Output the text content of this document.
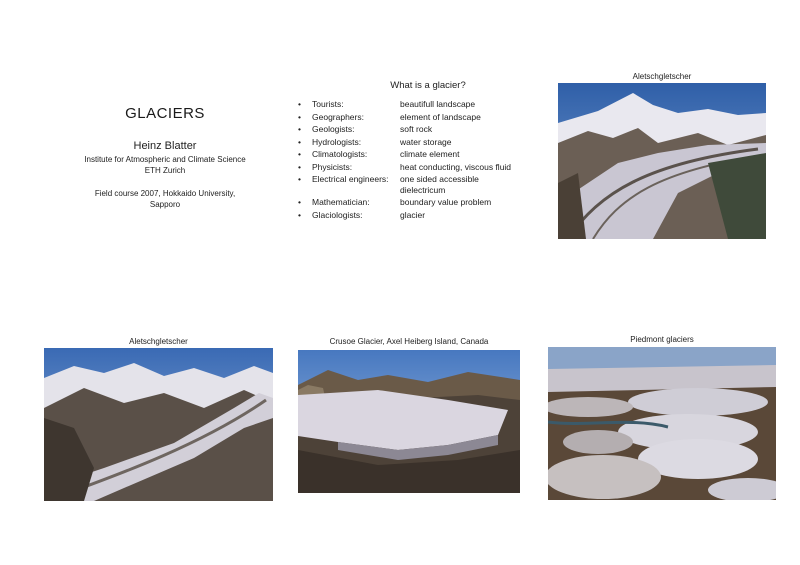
GLACIERS
Heinz Blatter
Institute for Atmospheric and Climate Science
ETH Zurich
Field course 2007, Hokkaido University,
Sapporo
What is a glacier?
•	Tourists:	beautifull landscape
•	Geographers:	element of landscape
•	Geologists:	soft rock
•	Hydrologists:	water storage
•	Climatologists:	climate element
•	Physicists:	heat conducting, viscous fluid
•	Electrical engineers:	one sided accessible dielectricum
•	Mathematician:	boundary value problem
•	Glaciologists:	glacier
Aletschgletscher
Aletschgletscher	Crusoe Glacier, Axel Heiberg Island, Canada	Piedmont glaciers
